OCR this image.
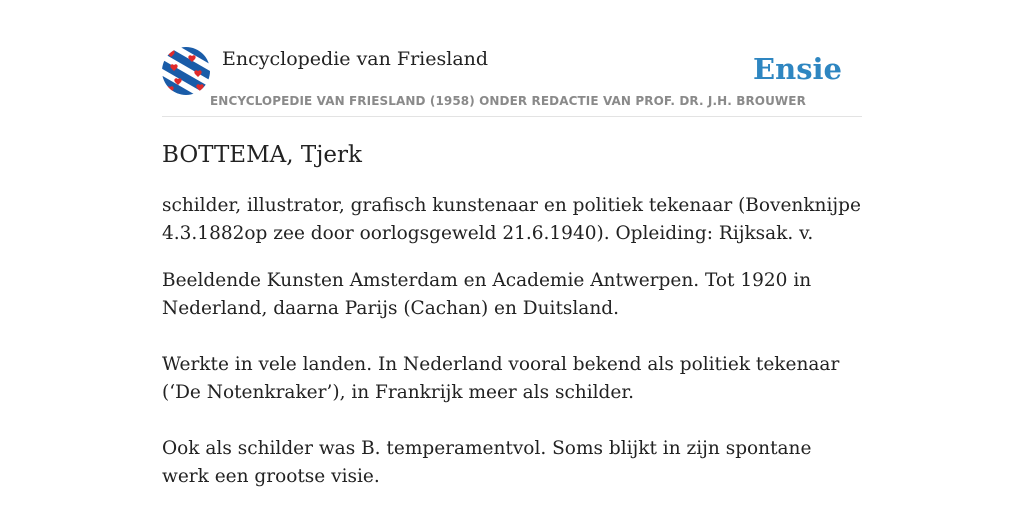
Encyclopedie van Friesland
ENCYCLOPEDIE VAN FRIESLAND (1958) ONDER REDACTIE VAN PROF. DR. J.H. BROUWER
Ensie
BOTTEMA, Tjerk

schilder, illustrator, grafisch kunstenaar en politiek tekenaar (Bovenknijpe 4.3.1882op zee door oorlogsgeweld 21.6.1940). Opleiding: Rijksak. v.

Beeldende Kunsten Amsterdam en Academie Antwerpen. Tot 1920 in Nederland, daarna Parijs (Cachan) en Duitsland.

Werkte in vele landen. In Nederland vooral bekend als politiek tekenaar (‘De Notenkraker’), in Frankrijk meer als schilder.

Ook als schilder was B. temperamentvol. Soms blijkt in zijn spontane werk een grootse visie.
